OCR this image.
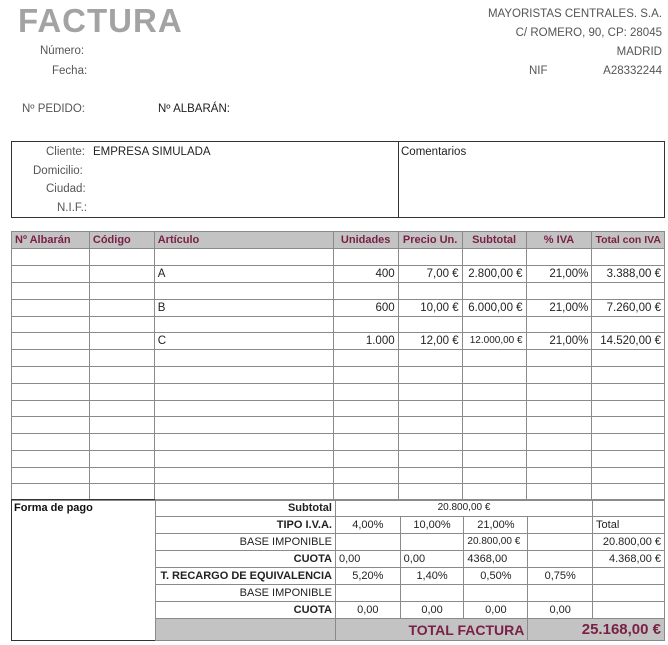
FACTURA
Número:
Fecha:
Nº PEDIDO:	Nº ALBARÁN:
MAYORISTAS CENTRALES. S.A.
C/ ROMERO, 90, CP: 28045
MADRID
NIF	A28332244
Cliente: EMPRESA SIMULADA
Domicilio:
Ciudad:
N.I.F.:
Comentarios
Nº Albarán	Código	Artículo	Unidades	Precio Un.	Subtotal	% IVA	Total con IVA

		A	400	7,00 €	2.800,00 €	21,00%	3.388,00 €

		B	600	10,00 €	6.000,00 €	21,00%	7.260,00 €

		C	1.000	12,00 €	12.000,00 €	21,00%	14.520,00 €

Forma de pago	Subtotal	20.800,00 €				
TIPO I.V.A.	4,00%	10,00%	21,00%		Total
BASE IMPONIBLE			20.800,00 €		20.800,00 €
CUOTA	0,00	0,00	4368,00		4.368,00 €
T. RECARGO DE EQUIVALENCIA	5,20%	1,40%	0,50%	0,75%	
BASE IMPONIBLE					
CUOTA	0,00	0,00	0,00	0,00	
	TOTAL FACTURA			25.168,00 €	
